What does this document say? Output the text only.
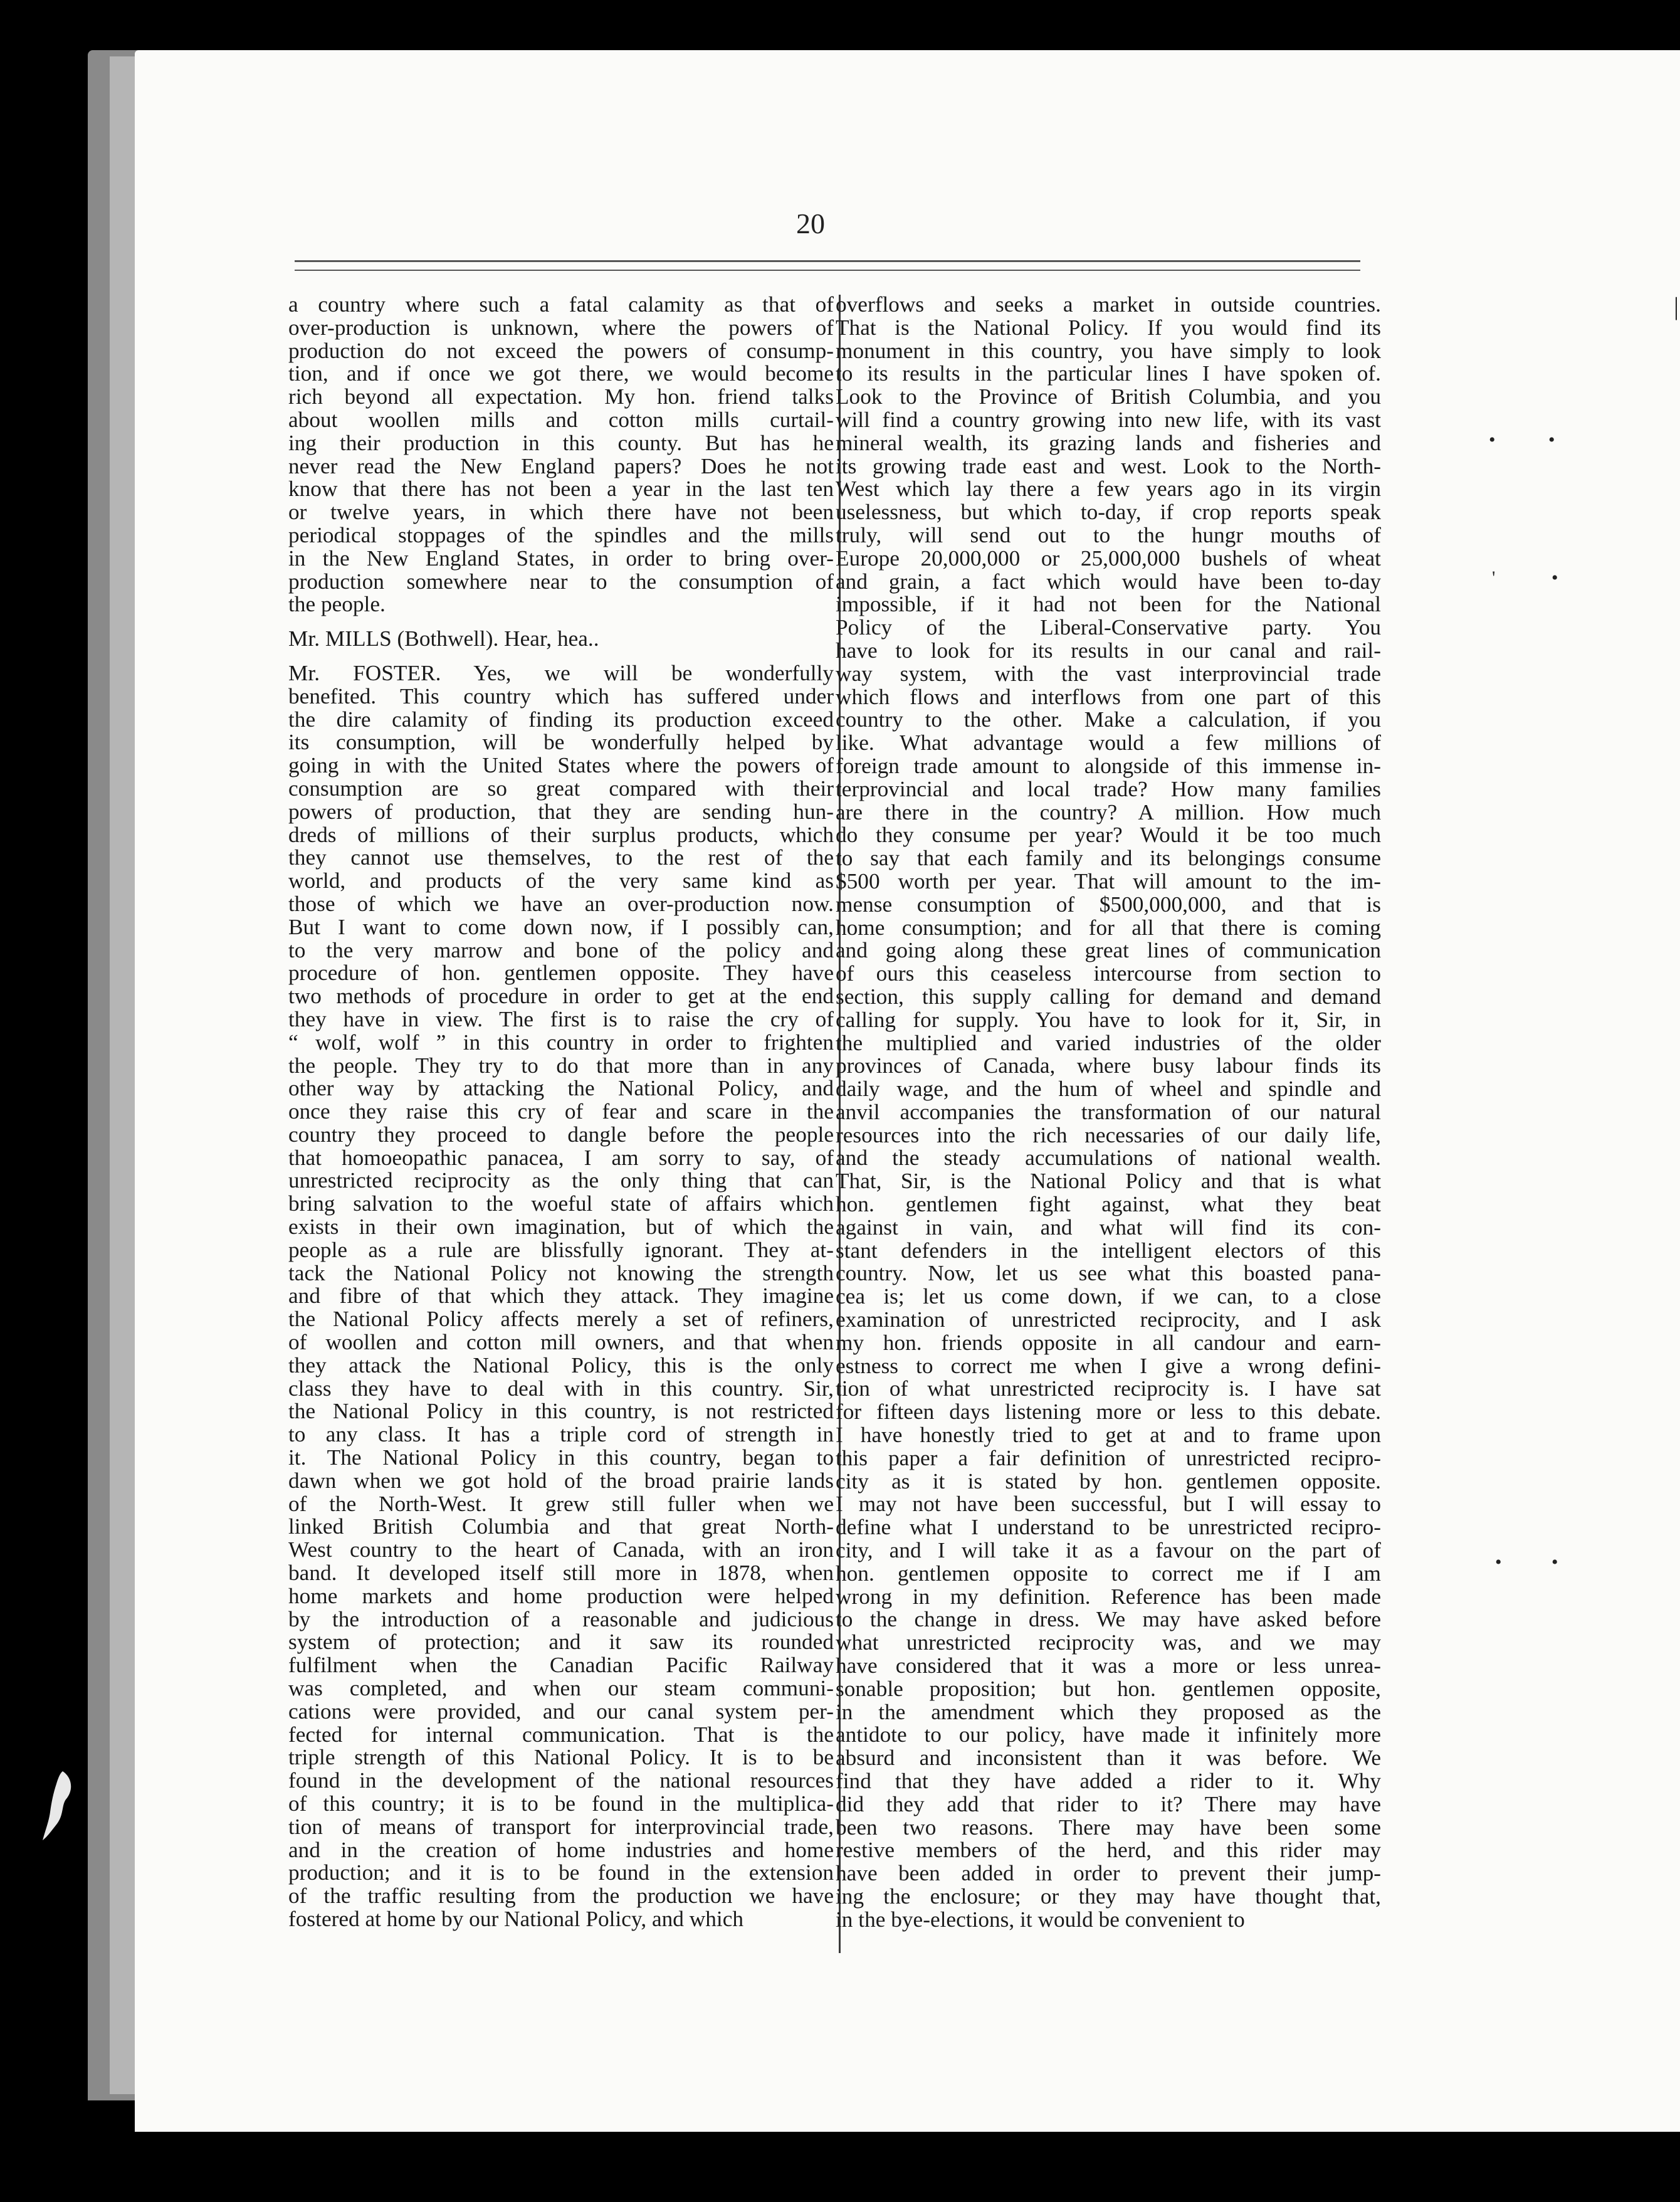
20
a country where such a fatal calamity as that of
over-production is unknown, where the powers of
production do not exceed the powers of consump-
tion, and if once we got there, we would become
rich beyond all expectation. My hon. friend talks
about woollen mills and cotton mills curtail-
ing their production in this county. But has he
never read the New England papers? Does he not
know that there has not been a year in the last ten
or twelve years, in which there have not been
periodical stoppages of the spindles and the mills
in the New England States, in order to bring over-
production somewhere near to the consumption of
the people.
Mr. MILLS (Bothwell). Hear, hea..
Mr. FOSTER. Yes, we will be wonderfully
benefited. This country which has suffered under
the dire calamity of finding its production exceed
its consumption, will be wonderfully helped by
going in with the United States where the powers of
consumption are so great compared with their
powers of production, that they are sending hun-
dreds of millions of their surplus products, which
they cannot use themselves, to the rest of the
world, and products of the very same kind as
those of which we have an over-production now.
But I want to come down now, if I possibly can,
to the very marrow and bone of the policy and
procedure of hon. gentlemen opposite. They have
two methods of procedure in order to get at the end
they have in view. The first is to raise the cry of
“ wolf, wolf ” in this country in order to frighten
the people. They try to do that more than in any
other way by attacking the National Policy, and
once they raise this cry of fear and scare in the
country they proceed to dangle before the people
that homoeopathic panacea, I am sorry to say, of
unrestricted reciprocity as the only thing that can
bring salvation to the woeful state of affairs which
exists in their own imagination, but of which the
people as a rule are blissfully ignorant. They at-
tack the National Policy not knowing the strength
and fibre of that which they attack. They imagine
the National Policy affects merely a set of refiners,
of woollen and cotton mill owners, and that when
they attack the National Policy, this is the only
class they have to deal with in this country. Sir,
the National Policy in this country, is not restricted
to any class. It has a triple cord of strength in
it. The National Policy in this country, began to
dawn when we got hold of the broad prairie lands
of the North-West. It grew still fuller when we
linked British Columbia and that great North-
West country to the heart of Canada, with an iron
band. It developed itself still more in 1878, when
home markets and home production were helped
by the introduction of a reasonable and judicious
system of protection; and it saw its rounded
fulfilment when the Canadian Pacific Railway
was completed, and when our steam communi-
cations were provided, and our canal system per-
fected for internal communication. That is the
triple strength of this National Policy. It is to be
found in the development of the national resources
of this country; it is to be found in the multiplica-
tion of means of transport for interprovincial trade,
and in the creation of home industries and home
production; and it is to be found in the extension
of the traffic resulting from the production we have
fostered at home by our National Policy, and which
overflows and seeks a market in outside countries.
That is the National Policy. If you would find its
monument in this country, you have simply to look
to its results in the particular lines I have spoken of.
Look to the Province of British Columbia, and you
will find a country growing into new life, with its vast
mineral wealth, its grazing lands and fisheries and
its growing trade east and west. Look to the North-
West which lay there a few years ago in its virgin
uselessness, but which to-day, if crop reports speak
truly, will send out to the hungr mouths of
Europe 20,000,000 or 25,000,000 bushels of wheat
and grain, a fact which would have been to-day
impossible, if it had not been for the National
Policy of the Liberal-Conservative party. You
have to look for its results in our canal and rail-
way system, with the vast interprovincial trade
which flows and interflows from one part of this
country to the other. Make a calculation, if you
like. What advantage would a few millions of
foreign trade amount to alongside of this immense in-
terprovincial and local trade? How many families
are there in the country? A million. How much
do they consume per year? Would it be too much
to say that each family and its belongings consume
$500 worth per year. That will amount to the im-
mense consumption of $500,000,000, and that is
home consumption; and for all that there is coming
and going along these great lines of communication
of ours this ceaseless intercourse from section to
section, this supply calling for demand and demand
calling for supply. You have to look for it, Sir, in
the multiplied and varied industries of the older
provinces of Canada, where busy labour finds its
daily wage, and the hum of wheel and spindle and
anvil accompanies the transformation of our natural
resources into the rich necessaries of our daily life,
and the steady accumulations of national wealth.
That, Sir, is the National Policy and that is what
hon. gentlemen fight against, what they beat
against in vain, and what will find its con-
stant defenders in the intelligent electors of this
country. Now, let us see what this boasted pana-
cea is; let us come down, if we can, to a close
examination of unrestricted reciprocity, and I ask
my hon. friends opposite in all candour and earn-
estness to correct me when I give a wrong defini-
tion of what unrestricted reciprocity is. I have sat
for fifteen days listening more or less to this debate.
I have honestly tried to get at and to frame upon
this paper a fair definition of unrestricted recipro-
city as it is stated by hon. gentlemen opposite.
I may not have been successful, but I will essay to
define what I understand to be unrestricted recipro-
city, and I will take it as a favour on the part of
hon. gentlemen opposite to correct me if I am
wrong in my definition. Reference has been made
to the change in dress. We may have asked before
what unrestricted reciprocity was, and we may
have considered that it was a more or less unrea-
sonable proposition; but hon. gentlemen opposite,
in the amendment which they proposed as the
antidote to our policy, have made it infinitely more
absurd and inconsistent than it was before. We
find that they have added a rider to it. Why
did they add that rider to it? There may have
been two reasons. There may have been some
restive members of the herd, and this rider may
have been added in order to prevent their jump-
ing the enclosure; or they may have thought that,
in the bye-elections, it would be convenient to
•	•
'	•
•	•
|
